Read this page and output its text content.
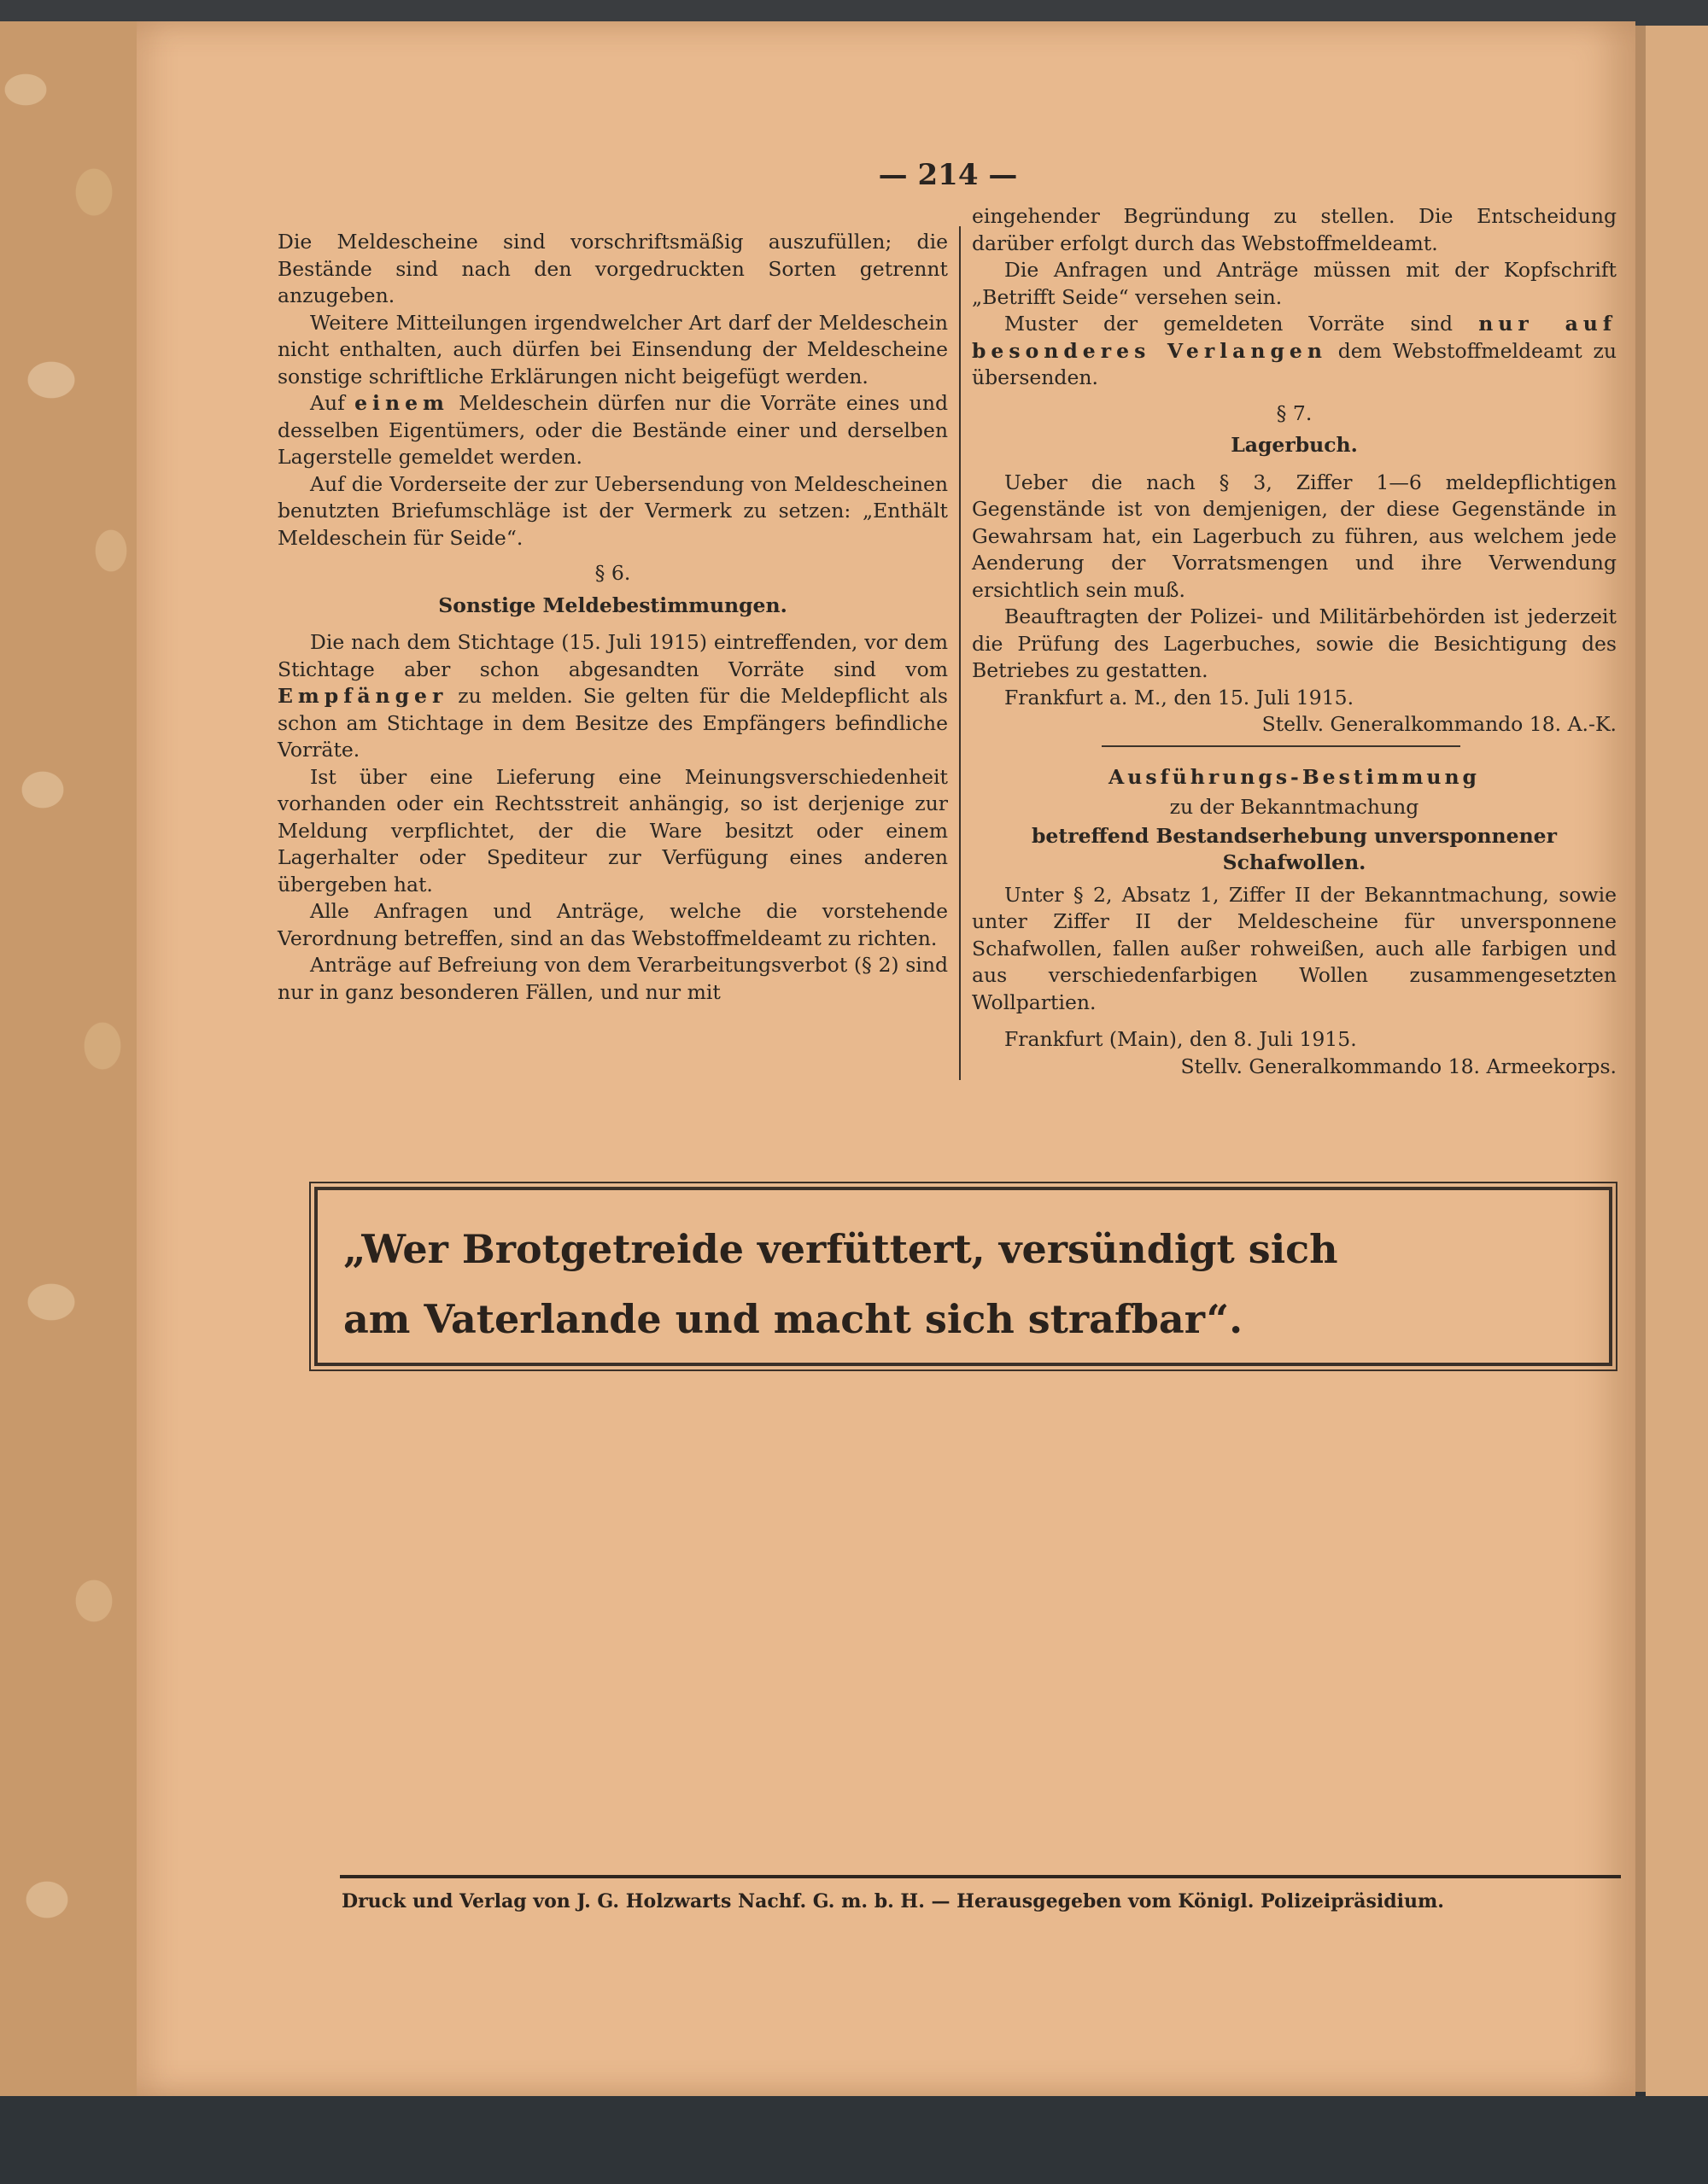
— 214 —

Die Meldescheine sind vorschriftsmäßig auszufüllen; die Bestände sind nach den vorgedruckten Sorten getrennt anzugeben.

Weitere Mitteilungen irgendwelcher Art darf der Meldeschein nicht enthalten, auch dürfen bei Einsendung der Meldescheine sonstige schriftliche Erklärungen nicht beigefügt werden.

Auf einem Meldeschein dürfen nur die Vorräte eines und desselben Eigentümers, oder die Bestände einer und derselben Lagerstelle gemeldet werden.

Auf die Vorderseite der zur Uebersendung von Meldescheinen benutzten Briefumschläge ist der Vermerk zu setzen: „Enthält Meldeschein für Seide“.

§ 6.
Sonstige Meldebestimmungen.

Die nach dem Stichtage (15. Juli 1915) eintreffenden, vor dem Stichtage aber schon abgesandten Vorräte sind vom Empfänger zu melden. Sie gelten für die Meldepflicht als schon am Stichtage in dem Besitze des Empfängers befindliche Vorräte.

Ist über eine Lieferung eine Meinungsverschiedenheit vorhanden oder ein Rechtsstreit anhängig, so ist derjenige zur Meldung verpflichtet, der die Ware besitzt oder einem Lagerhalter oder Spediteur zur Verfügung eines anderen übergeben hat.

Alle Anfragen und Anträge, welche die vorstehende Verordnung betreffen, sind an das Webstoffmeldeamt zu richten.

Anträge auf Befreiung von dem Verarbeitungsverbot (§ 2) sind nur in ganz besonderen Fällen, und nur mit

eingehender Begründung zu stellen. Die Entscheidung darüber erfolgt durch das Webstoffmeldeamt.

Die Anfragen und Anträge müssen mit der Kopfschrift „Betrifft Seide“ versehen sein.

Muster der gemeldeten Vorräte sind nur auf besonderes Verlangen dem Webstoffmeldeamt zu übersenden.

§ 7.
Lagerbuch.

Ueber die nach § 3, Ziffer 1—6 meldepflichtigen Gegenstände ist von demjenigen, der diese Gegenstände in Gewahrsam hat, ein Lagerbuch zu führen, aus welchem jede Aenderung der Vorratsmengen und ihre Verwendung ersichtlich sein muß.

Beauftragten der Polizei- und Militärbehörden ist jederzeit die Prüfung des Lagerbuches, sowie die Besichtigung des Betriebes zu gestatten.

Frankfurt a. M., den 15. Juli 1915.

Stellv. Generalkommando 18. A.-K.

Ausführungs-Bestimmung
zu der Bekanntmachung
betreffend Bestandserhebung unversponnener Schafwollen.

Unter § 2, Absatz 1, Ziffer II der Bekanntmachung, sowie unter Ziffer II der Meldescheine für unversponnene Schafwollen, fallen außer rohweißen, auch alle farbigen und aus verschiedenfarbigen Wollen zusammengesetzten Wollpartien.

Frankfurt (Main), den 8. Juli 1915.

Stellv. Generalkommando 18. Armeekorps.

„Wer Brotgetreide verfüttert, versündigt sich
am Vaterlande und macht sich strafbar“.
Druck und Verlag von J. G. Holzwarts Nachf. G. m. b. H. — Herausgegeben vom Königl. Polizeipräsidium.
